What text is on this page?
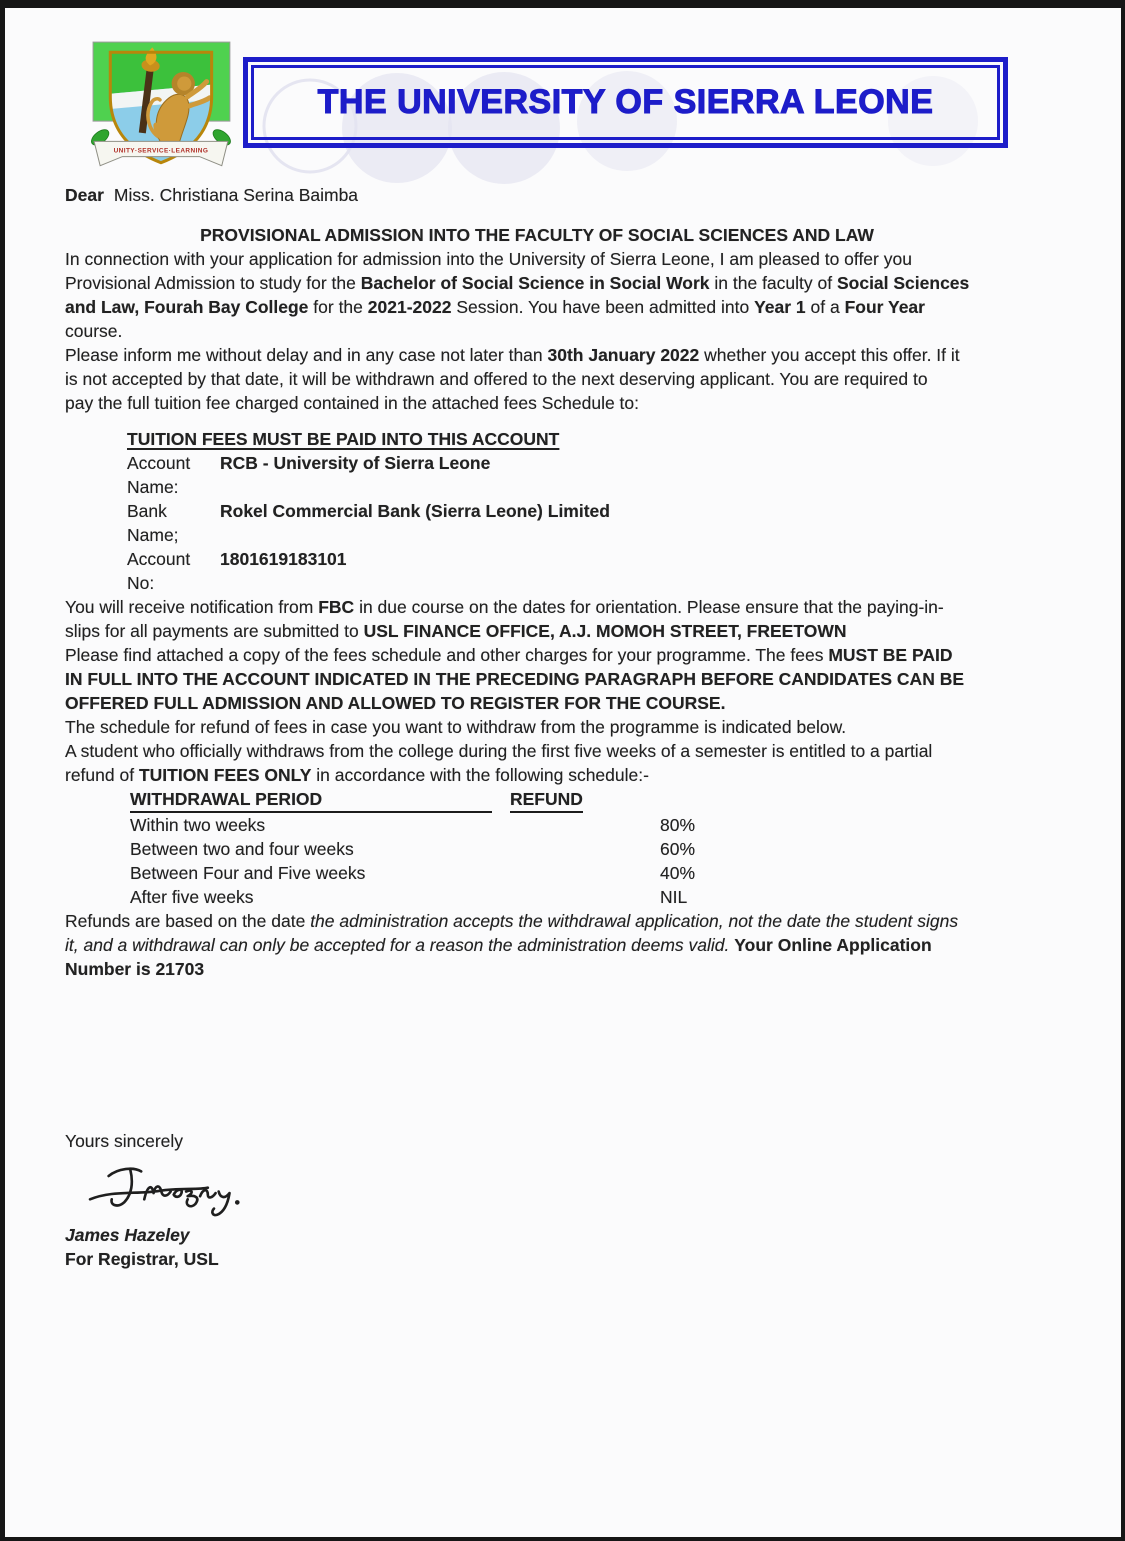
UNITY·SERVICE·LEARNING
THE UNIVERSITY OF SIERRA LEONE

Dear Miss. Christiana Serina Baimba

PROVISIONAL ADMISSION INTO THE FACULTY OF SOCIAL SCIENCES AND LAW

In connection with your application for admission into the University of Sierra Leone, I am pleased to offer you
Provisional Admission to study for the Bachelor of Social Science in Social Work in the faculty of Social Sciences
and Law, Fourah Bay College for the 2021-2022 Session. You have been admitted into Year 1 of a Four Year
course.

Please inform me without delay and in any case not later than 30th January 2022 whether you accept this offer. If it
is not accepted by that date, it will be withdrawn and offered to the next deserving applicant. You are required to
pay the full tuition fee charged contained in the attached fees Schedule to:

TUITION FEES MUST BE PAID INTO THIS ACCOUNT
Account Name:
RCB - University of Sierra Leone
Bank Name;
Rokel Commercial Bank (Sierra Leone) Limited
Account No:
1801619183101

You will receive notification from FBC in due course on the dates for orientation. Please ensure that the paying-in-
slips for all payments are submitted to USL FINANCE OFFICE, A.J. MOMOH STREET, FREETOWN

Please find attached a copy of the fees schedule and other charges for your programme. The fees MUST BE PAID
IN FULL INTO THE ACCOUNT INDICATED IN THE PRECEDING PARAGRAPH BEFORE CANDIDATES CAN BE
OFFERED FULL ADMISSION AND ALLOWED TO REGISTER FOR THE COURSE.

The schedule for refund of fees in case you want to withdraw from the programme is indicated below.

A student who officially withdraws from the college during the first five weeks of a semester is entitled to a partial
refund of TUITION FEES ONLY in accordance with the following schedule:-

WITHDRAWAL PERIOD	REFUND
Within two weeks	80%
Between two and four weeks	60%
Between Four and Five weeks	40%
After five weeks	NIL

Refunds are based on the date the administration accepts the withdrawal application, not the date the student signs
it, and a withdrawal can only be accepted for a reason the administration deems valid. Your Online Application
Number is 21703

Yours sincerely
James Hazeley
For Registrar, USL
